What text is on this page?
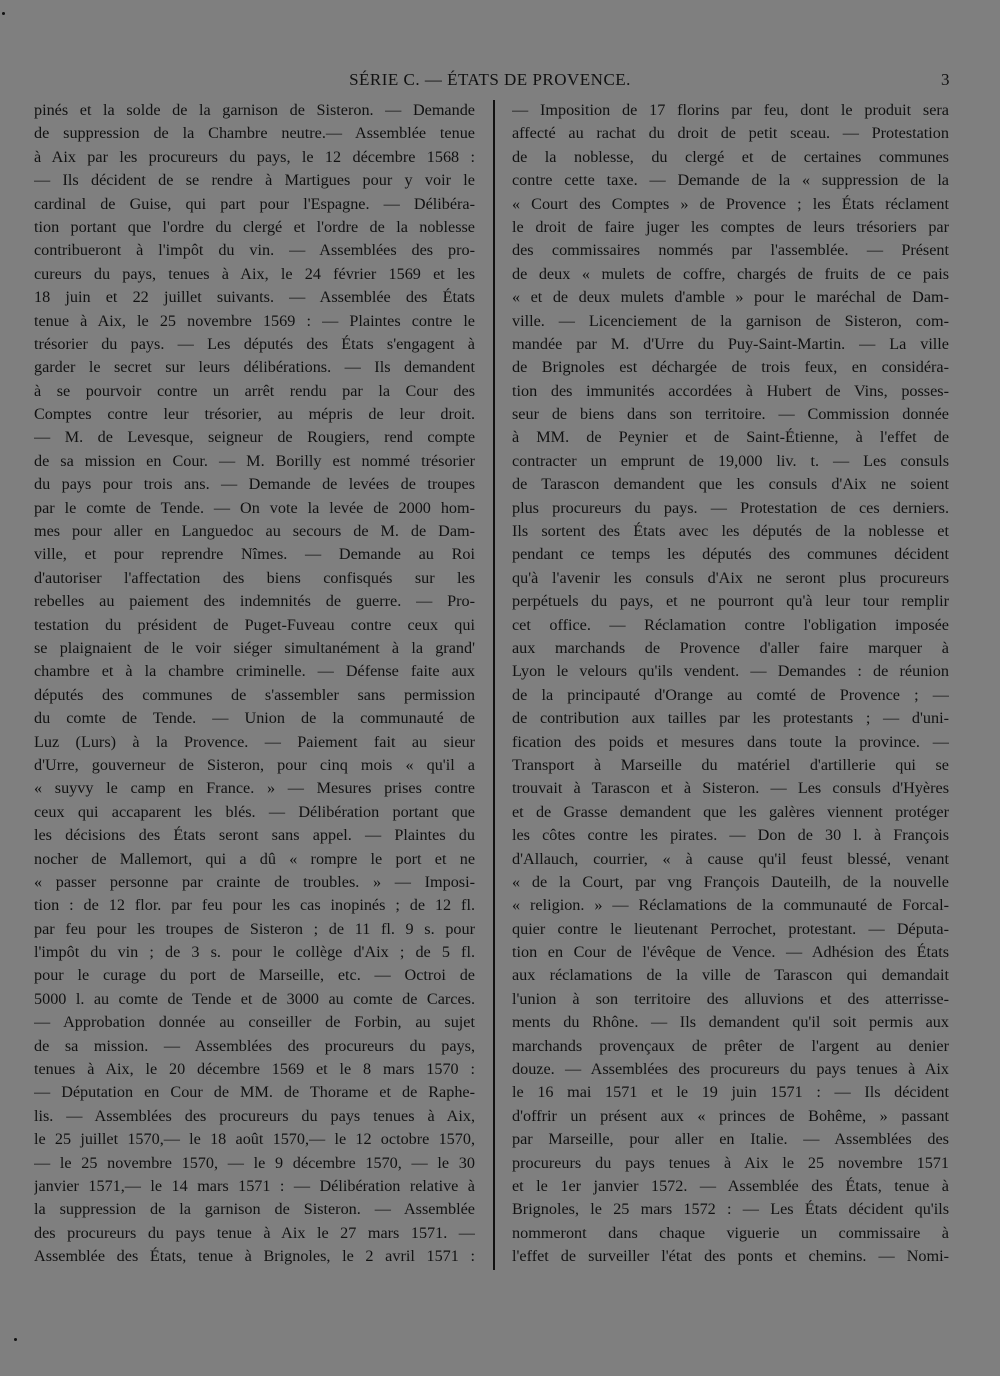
SÉRIE C. — ÉTATS DE PROVENCE.	3
pinés et la solde de la garnison de Sisteron. — Demande
de suppression de la Chambre neutre.— Assemblée tenue
à Aix par les procureurs du pays, le 12 décembre 1568 :
— Ils décident de se rendre à Martigues pour y voir le
cardinal de Guise, qui part pour l'Espagne. — Délibéra-
tion portant que l'ordre du clergé et l'ordre de la noblesse
contribueront à l'impôt du vin. — Assemblées des pro-
cureurs du pays, tenues à Aix, le 24 février 1569 et les
18 juin et 22 juillet suivants. — Assemblée des États
tenue à Aix, le 25 novembre 1569 : — Plaintes contre le
trésorier du pays. — Les députés des États s'engagent à
garder le secret sur leurs délibérations. — Ils demandent
à se pourvoir contre un arrêt rendu par la Cour des
Comptes contre leur trésorier, au mépris de leur droit.
— M. de Levesque, seigneur de Rougiers, rend compte
de sa mission en Cour. — M. Borilly est nommé trésorier
du pays pour trois ans. — Demande de levées de troupes
par le comte de Tende. — On vote la levée de 2000 hom-
mes pour aller en Languedoc au secours de M. de Dam-
ville, et pour reprendre Nîmes. — Demande au Roi
d'autoriser l'affectation des biens confisqués sur les
rebelles au paiement des indemnités de guerre. — Pro-
testation du président de Puget-Fuveau contre ceux qui
se plaignaient de le voir siéger simultanément à la grand'
chambre et à la chambre criminelle. — Défense faite aux
députés des communes de s'assembler sans permission
du comte de Tende. — Union de la communauté de
Luz (Lurs) à la Provence. — Paiement fait au sieur
d'Urre, gouverneur de Sisteron, pour cinq mois « qu'il a
« suyvy le camp en France. » — Mesures prises contre
ceux qui accaparent les blés. — Délibération portant que
les décisions des États seront sans appel. — Plaintes du
nocher de Mallemort, qui a dû « rompre le port et ne
« passer personne par crainte de troubles. » — Imposi-
tion : de 12 flor. par feu pour les cas inopinés ; de 12 fl.
par feu pour les troupes de Sisteron ; de 11 fl. 9 s. pour
l'impôt du vin ; de 3 s. pour le collège d'Aix ; de 5 fl.
pour le curage du port de Marseille, etc. — Octroi de
5000 l. au comte de Tende et de 3000 au comte de Carces.
— Approbation donnée au conseiller de Forbin, au sujet
de sa mission. — Assemblées des procureurs du pays,
tenues à Aix, le 20 décembre 1569 et le 8 mars 1570 :
— Députation en Cour de MM. de Thorame et de Raphe-
lis. — Assemblées des procureurs du pays tenues à Aix,
le 25 juillet 1570,— le 18 août 1570,— le 12 octobre 1570,
— le 25 novembre 1570, — le 9 décembre 1570, — le 30
janvier 1571,— le 14 mars 1571 : — Délibération relative à
la suppression de la garnison de Sisteron. — Assemblée
des procureurs du pays tenue à Aix le 27 mars 1571. —
Assemblée des États, tenue à Brignoles, le 2 avril 1571 :
— Imposition de 17 florins par feu, dont le produit sera
affecté au rachat du droit de petit sceau. — Protestation
de la noblesse, du clergé et de certaines communes
contre cette taxe. — Demande de la « suppression de la
« Court des Comptes » de Provence ; les États réclament
le droit de faire juger les comptes de leurs trésoriers par
des commissaires nommés par l'assemblée. — Présent
de deux « mulets de coffre, chargés de fruits de ce pais
« et de deux mulets d'amble » pour le maréchal de Dam-
ville. — Licenciement de la garnison de Sisteron, com-
mandée par M. d'Urre du Puy-Saint-Martin. — La ville
de Brignoles est déchargée de trois feux, en considéra-
tion des immunités accordées à Hubert de Vins, posses-
seur de biens dans son territoire. — Commission donnée
à MM. de Peynier et de Saint-Étienne, à l'effet de
contracter un emprunt de 19,000 liv. t. — Les consuls
de Tarascon demandent que les consuls d'Aix ne soient
plus procureurs du pays. — Protestation de ces derniers.
Ils sortent des États avec les députés de la noblesse et
pendant ce temps les députés des communes décident
qu'à l'avenir les consuls d'Aix ne seront plus procureurs
perpétuels du pays, et ne pourront qu'à leur tour remplir
cet office. — Réclamation contre l'obligation imposée
aux marchands de Provence d'aller faire marquer à
Lyon le velours qu'ils vendent. — Demandes : de réunion
de la principauté d'Orange au comté de Provence ; —
de contribution aux tailles par les protestants ; — d'uni-
fication des poids et mesures dans toute la province. —
Transport à Marseille du matériel d'artillerie qui se
trouvait à Tarascon et à Sisteron. — Les consuls d'Hyères
et de Grasse demandent que les galères viennent protéger
les côtes contre les pirates. — Don de 30 l. à François
d'Allauch, courrier, « à cause qu'il feust blessé, venant
« de la Court, par vng François Dauteilh, de la nouvelle
« religion. » — Réclamations de la communauté de Forcal-
quier contre le lieutenant Perrochet, protestant. — Députa-
tion en Cour de l'évêque de Vence. — Adhésion des États
aux réclamations de la ville de Tarascon qui demandait
l'union à son territoire des alluvions et des atterrisse-
ments du Rhône. — Ils demandent qu'il soit permis aux
marchands provençaux de prêter de l'argent au denier
douze. — Assemblées des procureurs du pays tenues à Aix
le 16 mai 1571 et le 19 juin 1571 : — Ils décident
d'offrir un présent aux « princes de Bohême, » passant
par Marseille, pour aller en Italie. — Assemblées des
procureurs du pays tenues à Aix le 25 novembre 1571
et le 1er janvier 1572. — Assemblée des États, tenue à
Brignoles, le 25 mars 1572 : — Les États décident qu'ils
nommeront dans chaque viguerie un commissaire à
l'effet de surveiller l'état des ponts et chemins. — Nomi-
